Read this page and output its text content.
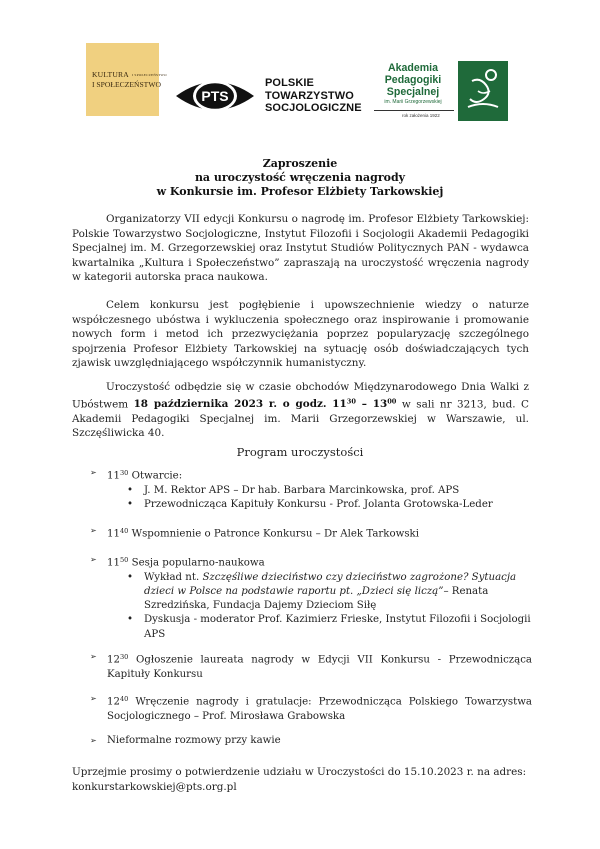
KULTURA I SPOŁECZEŃSTWO
I SPOŁECZEŃSTWO
PTS
POLSKIE
TOWARZYSTWO
SOCJOLOGICZNE
Akademia
Pedagogiki
Specjalnej
im. Marii Grzegorzewskiej
rok założenia 1922
Zaproszenie
na uroczystość wręczenia nagrody
w Konkursie im. Profesor Elżbiety Tarkowskiej
Organizatorzy VII edycji Konkursu o nagrodę im. Profesor Elżbiety Tarkowskiej: Polskie Towarzystwo Socjologiczne, Instytut Filozofii i Socjologii Akademii Pedagogiki Specjalnej im. M. Grzegorzewskiej oraz Instytut Studiów Politycznych PAN - wydawca kwartalnika „Kultura i Społeczeństwo” zapraszają na uroczystość wręczenia nagrody w kategorii autorska praca naukowa.
Celem konkursu jest pogłębienie i upowszechnienie wiedzy o naturze współczesnego ubóstwa i wykluczenia społecznego oraz inspirowanie i promowanie nowych form i metod ich przezwyciężania poprzez popularyzację szczególnego spojrzenia Profesor Elżbiety Tarkowskiej na sytuację osób doświadczających tych zjawisk uwzględniającego współczynnik humanistyczny.
Uroczystość odbędzie się w czasie obchodów Międzynarodowego Dnia Walki z Ubóstwem 18 października 2023 r. o godz. $11^{30} - 13^{00}$ w sali nr 3213, bud. C Akademii Pedagogiki Specjalnej im. Marii Grzegorzewskiej w Warszawie, ul. Szczęśliwicka 40.
Program uroczystości
➢ $11^{30}$ Otwarcie:
• J. M. Rektor APS – Dr hab. Barbara Marcinkowska, prof. APS
• Przewodnicząca Kapituły Konkursu - Prof. Jolanta Grotowska-Leder
➢ $11^{40}$ Wspomnienie o Patronce Konkursu – Dr Alek Tarkowski
➢ $11^{50}$ Sesja popularno-naukowa
• Wykład nt. Szczęśliwe dzieciństwo czy dzieciństwo zagrożone? Sytuacja dzieci w Polsce na podstawie raportu pt. „Dzieci się liczą”– Renata Szredzińska, Fundacja Dajemy Dzieciom Siłę
• Dyskusja - moderator Prof. Kazimierz Frieske, Instytut Filozofii i Socjologii APS
➢ $12^{30}$ Ogłoszenie laureata nagrody w Edycji VII Konkursu - Przewodnicząca Kapituły Konkursu
➢ $12^{40}$ Wręczenie nagrody i gratulacje: Przewodnicząca Polskiego Towarzystwa Socjologicznego – Prof. Mirosława Grabowska
➢ Nieformalne rozmowy przy kawie
Uprzejmie prosimy o potwierdzenie udziału w Uroczystości do 15.10.2023 r. na adres:
konkurstarkowskiej@pts.org.pl
